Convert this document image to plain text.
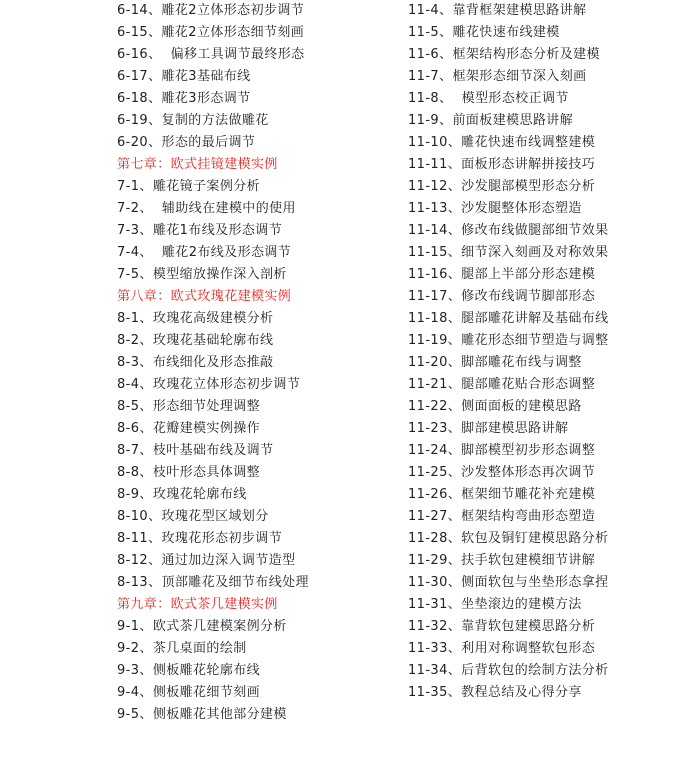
6-14、雕花2立体形态初步调节
6-15、雕花2立体形态细节刻画
6-16、  偏移工具调节最终形态
6-17、雕花3基础布线
6-18、雕花3形态调节
6-19、复制的方法做雕花
6-20、形态的最后调节
第七章：欧式挂镜建模实例
7-1、雕花镜子案例分析
7-2、  辅助线在建模中的使用
7-3、雕花1布线及形态调节
7-4、  雕花2布线及形态调节
7-5、模型缩放操作深入剖析
第八章：欧式玫瑰花建模实例
8-1、玫瑰花高级建模分析
8-2、玫瑰花基础轮廓布线
8-3、布线细化及形态推敲
8-4、玫瑰花立体形态初步调节
8-5、形态细节处理调整
8-6、花瓣建模实例操作
8-7、枝叶基础布线及调节
8-8、枝叶形态具体调整
8-9、玫瑰花轮廓布线
8-10、玫瑰花型区域划分
8-11、玫瑰花形态初步调节
8-12、通过加边深入调节造型
8-13、顶部雕花及细节布线处理
第九章：欧式茶几建模实例
9-1、欧式茶几建模案例分析
9-2、茶几桌面的绘制
9-3、侧板雕花轮廓布线
9-4、侧板雕花细节刻画
9-5、侧板雕花其他部分建模
11-4、靠背框架建模思路讲解
11-5、雕花快速布线建模
11-6、框架结构形态分析及建模
11-7、框架形态细节深入刻画
11-8、  模型形态校正调节
11-9、前面板建模思路讲解
11-10、雕花快速布线调整建模
11-11、面板形态讲解拼接技巧
11-12、沙发腿部模型形态分析
11-13、沙发腿整体形态塑造
11-14、修改布线做腿部细节效果
11-15、细节深入刻画及对称效果
11-16、腿部上半部分形态建模
11-17、修改布线调节脚部形态
11-18、腿部雕花讲解及基础布线
11-19、雕花形态细节塑造与调整
11-20、脚部雕花布线与调整
11-21、腿部雕花贴合形态调整
11-22、侧面面板的建模思路
11-23、脚部建模思路讲解
11-24、脚部模型初步形态调整
11-25、沙发整体形态再次调节
11-26、框架细节雕花补充建模
11-27、框架结构弯曲形态塑造
11-28、软包及铜钉建模思路分析
11-29、扶手软包建模细节讲解
11-30、侧面软包与坐垫形态拿捏
11-31、坐垫滚边的建模方法
11-32、靠背软包建模思路分析
11-33、利用对称调整软包形态
11-34、后背软包的绘制方法分析
11-35、教程总结及心得分享
